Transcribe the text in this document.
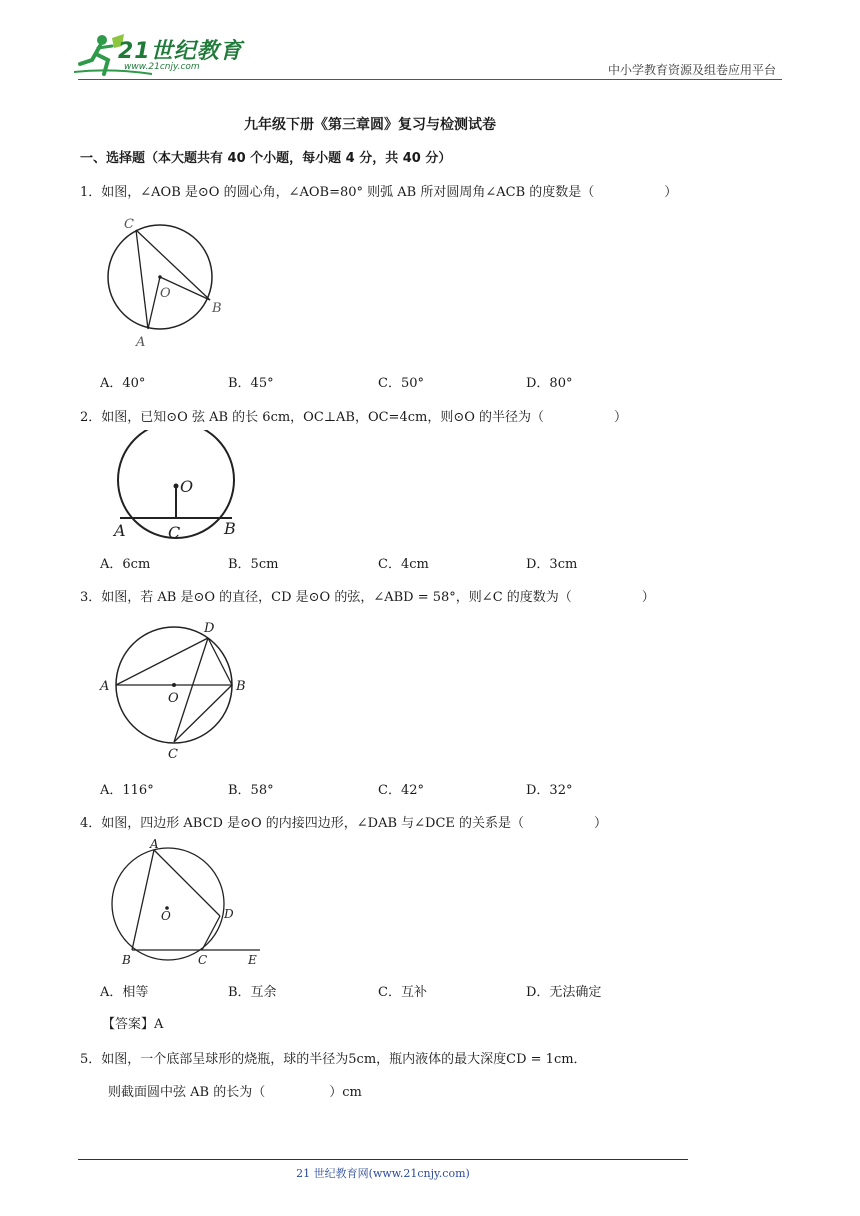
21世纪教育
www.21cnjy.com	中小学教育资源及组卷应用平台
九年级下册《第三章圆》复习与检测试卷
一、选择题（本大题共有 40 个小题，每小题 4 分，共 40 分）
1．如图，∠AOB 是⊙O 的圆心角，∠AOB=80° 则弧 AB 所对圆周角∠ACB 的度数是（	）
C
O
B
A
A．40°	B．45°	C．50°	D．80°
2．如图，已知⊙O 弦 AB 的长 6cm，OC⊥AB，OC=4cm，则⊙O 的半径为（	）
O
A	C	B
A．6cm	B．5cm	C．4cm	D．3cm
3．如图，若 AB 是⊙O 的直径，CD 是⊙O 的弦，∠ABD = 58°，则∠C 的度数为（	）
D
A
O
B
C
A．116°	B．58°	C．42°	D．32°
4．如图，四边形 ABCD 是⊙O 的内接四边形，∠DAB 与∠DCE 的关系是（	）
A
O	D
B	C	E
A．相等	B．互余	C．互补	D．无法确定
【答案】A
5．如图，一个底部呈球形的烧瓶，球的半径为5cm，瓶内液体的最大深度CD = 1cm．
则截面圆中弦 AB 的长为（	）cm
21 世纪教育网(www.21cnjy.com)
